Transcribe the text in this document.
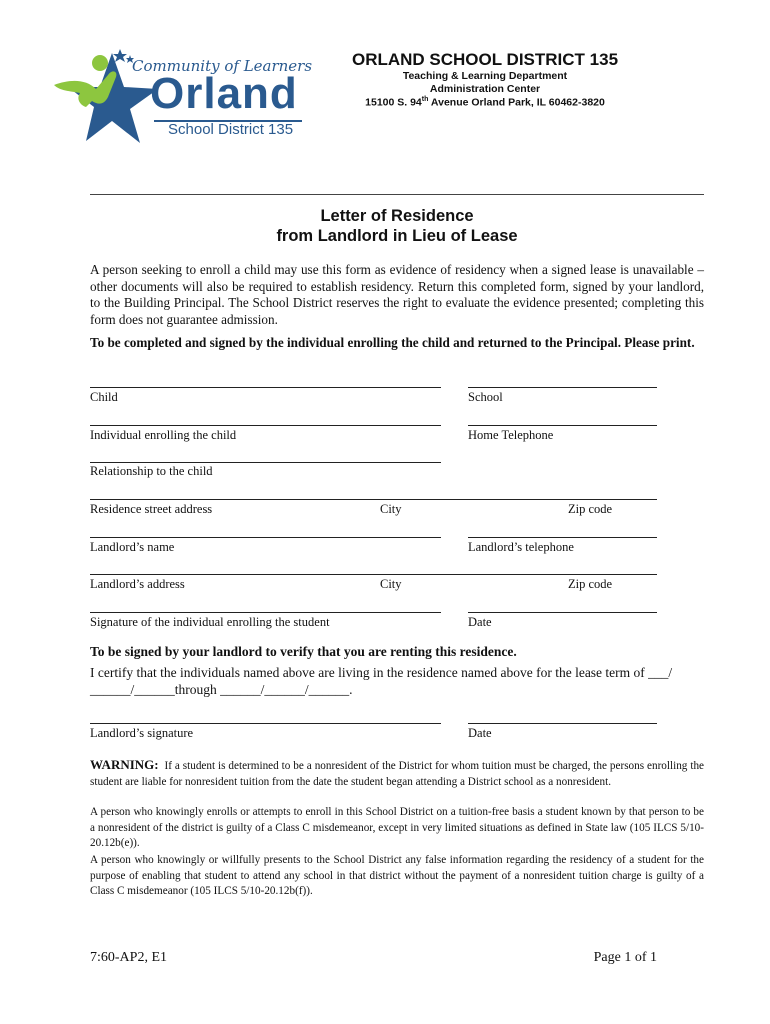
Community of Learners
Orland
School District 135
ORLAND SCHOOL DISTRICT 135
Teaching & Learning Department
Administration Center
15100 S. 94th Avenue Orland Park, IL 60462-3820
Letter of Residence
from Landlord in Lieu of Lease
A person seeking to enroll a child may use this form as evidence of residency when a signed lease is unavailable – other documents will also be required to establish residency. Return this completed form, signed by your landlord, to the Building Principal. The School District reserves the right to evaluate the evidence presented; completing this form does not guarantee admission.
To be completed and signed by the individual enrolling the child and returned to the Principal. Please print.
Child	School
Individual enrolling the child	Home Telephone
Relationship to the child
Residence street address	City	Zip code
Landlord’s name	Landlord’s telephone
Landlord’s address	City	Zip code
Signature of the individual enrolling the student	Date
To be signed by your landlord to verify that you are renting this residence.
I certify that the individuals named above are living in the residence named above for the lease term of ___/ ______/______through ______/______/______.
Landlord’s signature	Date
WARNING: If a student is determined to be a nonresident of the District for whom tuition must be charged, the persons enrolling the student are liable for nonresident tuition from the date the student began attending a District school as a nonresident.
A person who knowingly enrolls or attempts to enroll in this School District on a tuition-free basis a student known by that person to be a nonresident of the district is guilty of a Class C misdemeanor, except in very limited situations as defined in State law (105 ILCS 5/10-20.12b(e)).
A person who knowingly or willfully presents to the School District any false information regarding the residency of a student for the purpose of enabling that student to attend any school in that district without the payment of a nonresident tuition charge is guilty of a Class C misdemeanor (105 ILCS 5/10-20.12b(f)).
7:60-AP2, E1	Page 1 of 1
